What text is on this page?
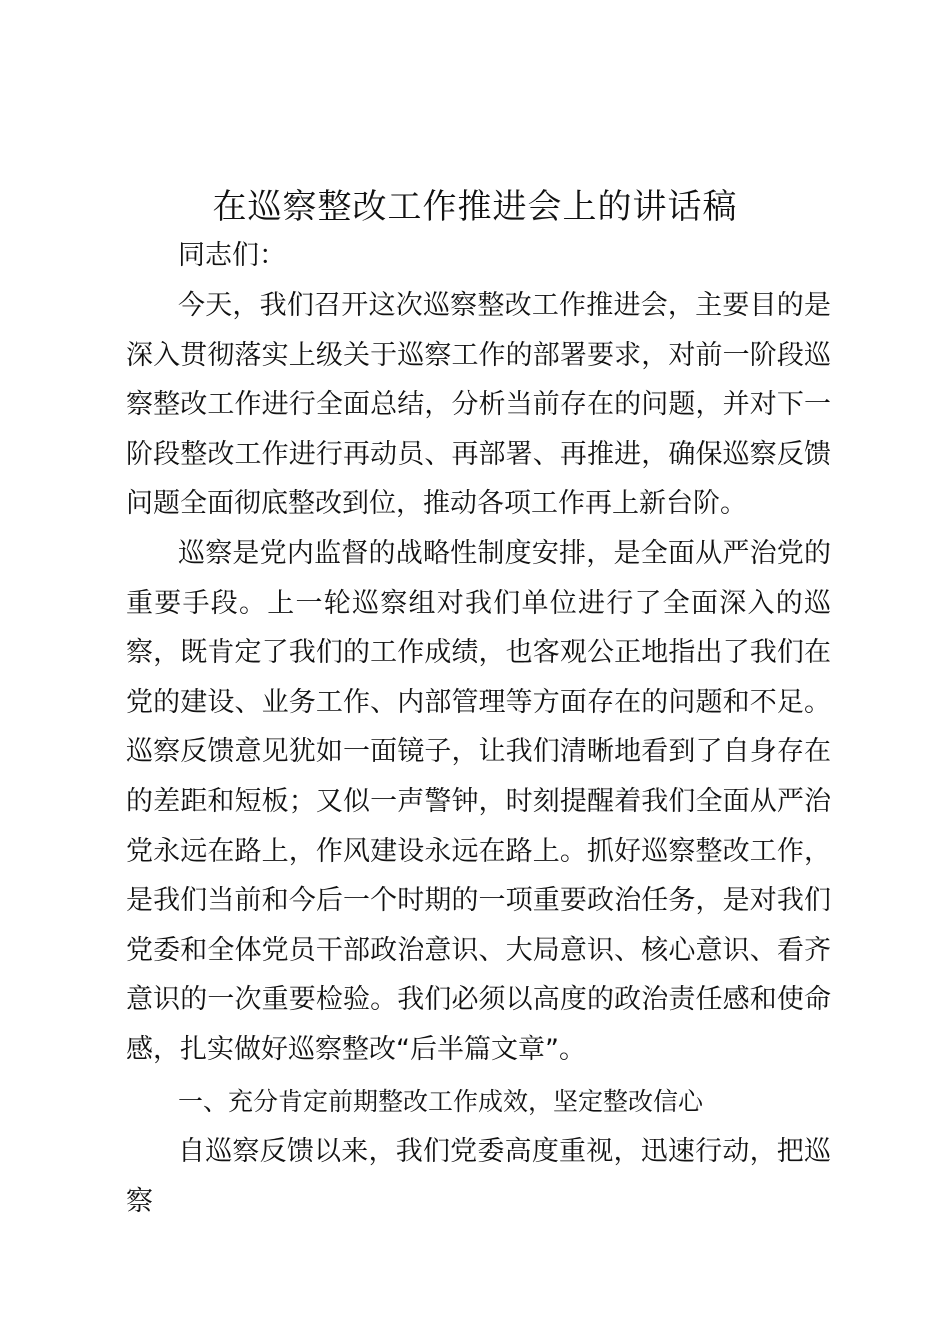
在巡察整改工作推进会上的讲话稿

同志们：

今天，我们召开这次巡察整改工作推进会，主要目的是深入贯彻落实上级关于巡察工作的部署要求，对前一阶段巡察整改工作进行全面总结，分析当前存在的问题，并对下一阶段整改工作进行再动员、再部署、再推进，确保巡察反馈问题全面彻底整改到位，推动各项工作再上新台阶。

巡察是党内监督的战略性制度安排，是全面从严治党的重要手段。上一轮巡察组对我们单位进行了全面深入的巡察，既肯定了我们的工作成绩，也客观公正地指出了我们在党的建设、业务工作、内部管理等方面存在的问题和不足。巡察反馈意见犹如一面镜子，让我们清晰地看到了自身存在的差距和短板；又似一声警钟，时刻提醒着我们全面从严治党永远在路上，作风建设永远在路上。抓好巡察整改工作，是我们当前和今后一个时期的一项重要政治任务，是对我们党委和全体党员干部政治意识、大局意识、核心意识、看齐意识的一次重要检验。我们必须以高度的政治责任感和使命感，扎实做好巡察整改“后半篇文章”。

一、充分肯定前期整改工作成效，坚定整改信心

自巡察反馈以来，我们党委高度重视，迅速行动，把巡察
